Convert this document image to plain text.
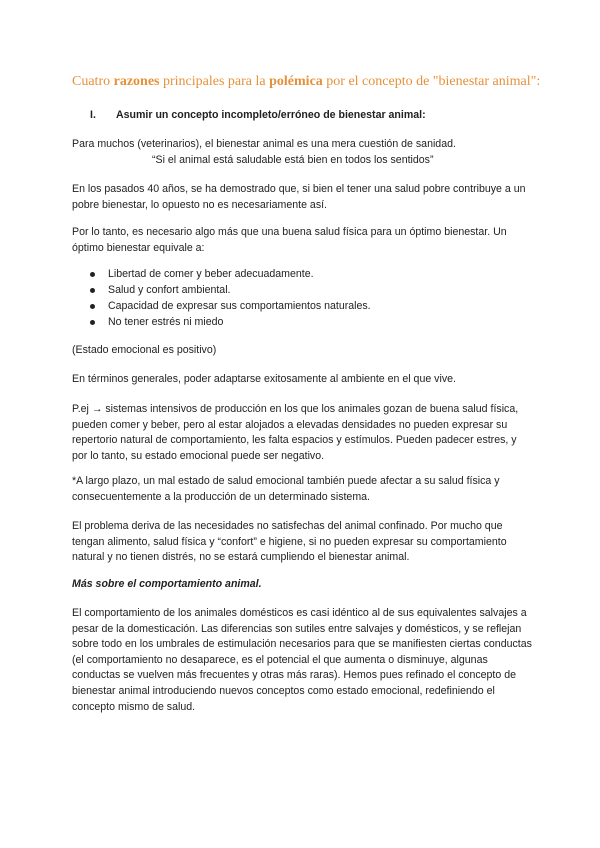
Cuatro razones principales para la polémica por el concepto de "bienestar animal":
I. Asumir un concepto incompleto/erróneo de bienestar animal:

Para muchos (veterinarios), el bienestar animal es una mera cuestión de sanidad.

“Si el animal está saludable está bien en todos los sentidos”

En los pasados 40 años, se ha demostrado que, si bien el tener una salud pobre contribuye a un pobre bienestar, lo opuesto no es necesariamente así.

Por lo tanto, es necesario algo más que una buena salud física para un óptimo bienestar. Un óptimo bienestar equivale a:

Libertad de comer y beber adecuadamente.
Salud y confort ambiental.
Capacidad de expresar sus comportamientos naturales.
No tener estrés ni miedo

(Estado emocional es positivo)

En términos generales, poder adaptarse exitosamente al ambiente en el que vive.

P.ej → sistemas intensivos de producción en los que los animales gozan de buena salud física, pueden comer y beber, pero al estar alojados a elevadas densidades no pueden expresar su repertorio natural de comportamiento, les falta espacios y estímulos. Pueden padecer estres, y por lo tanto, su estado emocional puede ser negativo.

*A largo plazo, un mal estado de salud emocional también puede afectar a su salud física y consecuentemente a la producción de un determinado sistema.

El problema deriva de las necesidades no satisfechas del animal confinado. Por mucho que tengan alimento, salud física y “confort” e higiene, si no pueden expresar su comportamiento natural y no tienen distrés, no se estará cumpliendo el bienestar animal.

Más sobre el comportamiento animal.

El comportamiento de los animales domésticos es casi idéntico al de sus equivalentes salvajes a pesar de la domesticación. Las diferencias son sutiles entre salvajes y domésticos, y se reflejan sobre todo en los umbrales de estimulación necesarios para que se manifiesten ciertas conductas (el comportamiento no desaparece, es el potencial el que aumenta o disminuye, algunas conductas se vuelven más frecuentes y otras más raras). Hemos pues refinado el concepto de bienestar animal introduciendo nuevos conceptos como estado emocional, redefiniendo el concepto mismo de salud.
